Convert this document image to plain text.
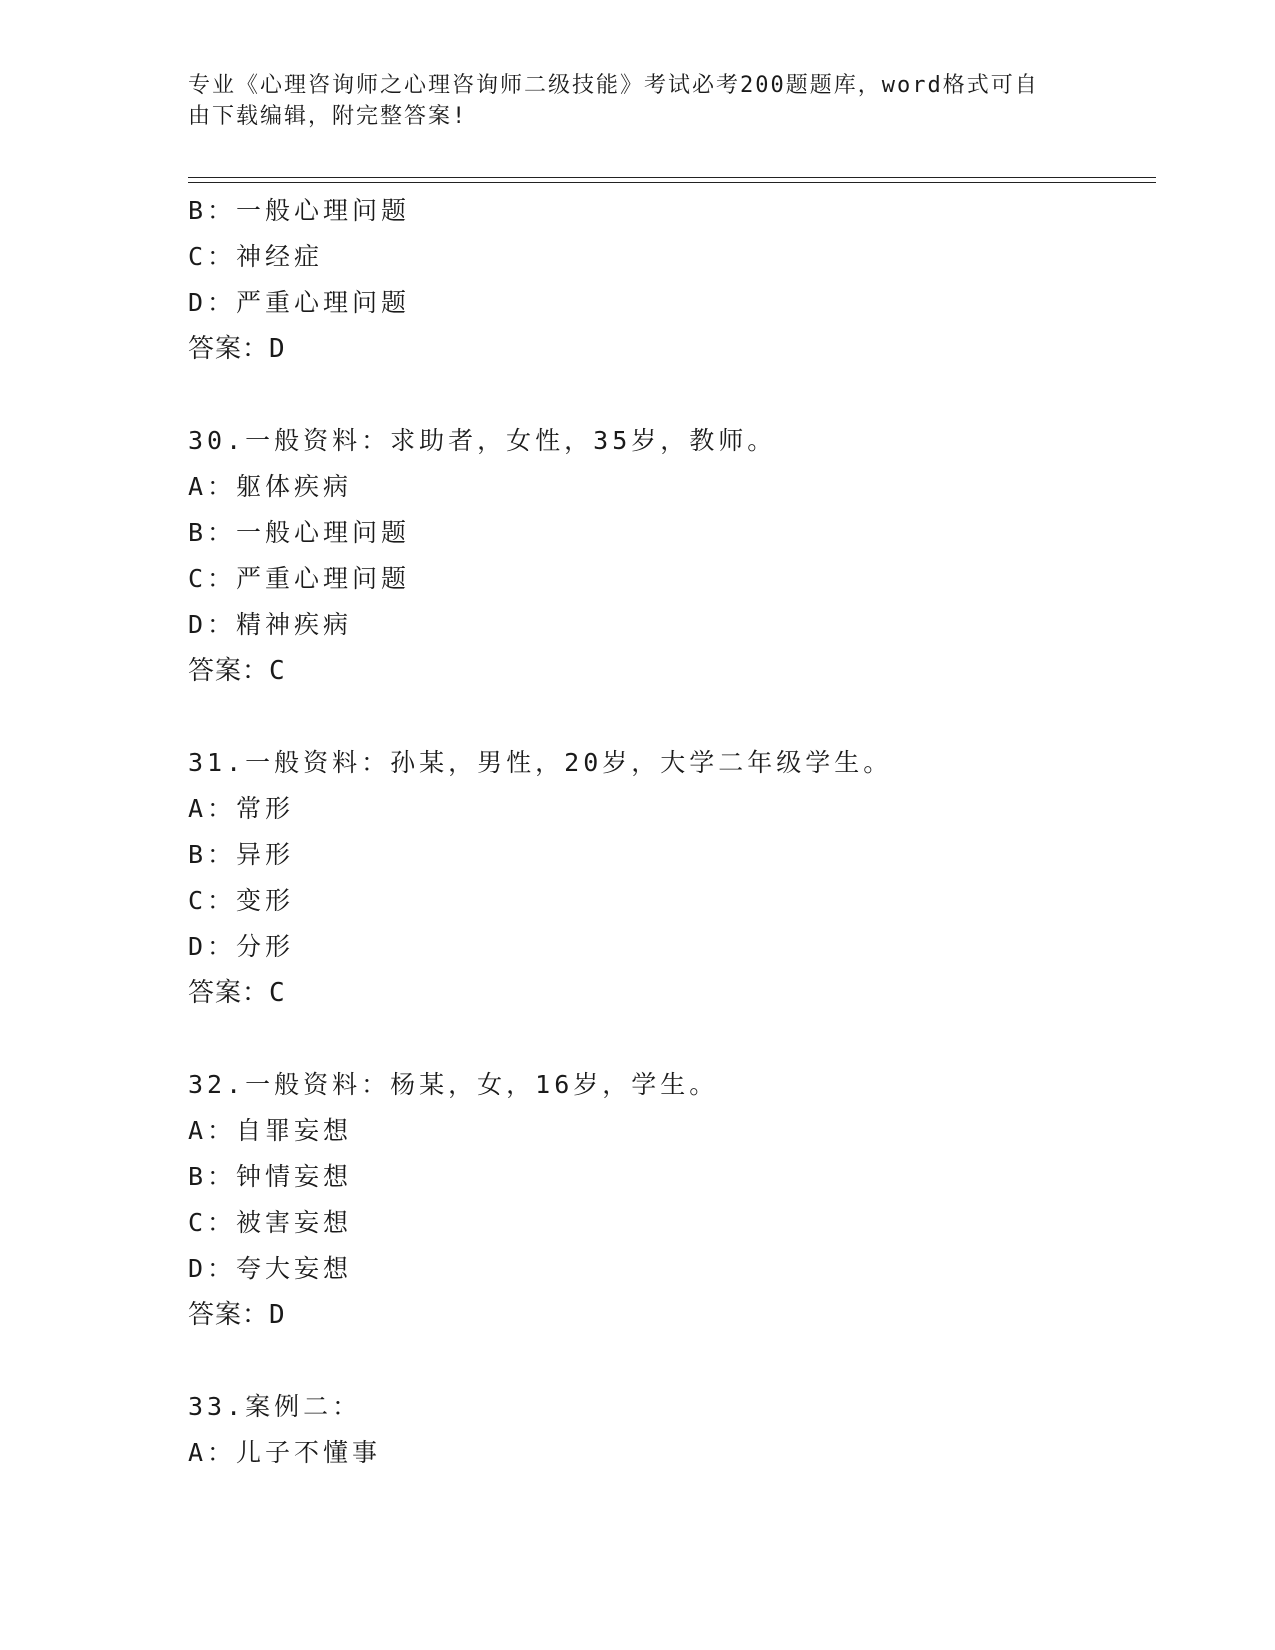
专业《心理咨询师之心理咨询师二级技能》考试必考200题题库，word格式可自
由下载编辑，附完整答案!
B：一般心理问题
C：神经症
D：严重心理问题
答案：D
30.一般资料：求助者，女性，35岁，教师。
A：躯体疾病
B：一般心理问题
C：严重心理问题
D：精神疾病
答案：C
31.一般资料：孙某，男性，20岁，大学二年级学生。
A：常形
B：异形
C：变形
D：分形
答案：C
32.一般资料：杨某，女，16岁，学生。
A：自罪妄想
B：钟情妄想
C：被害妄想
D：夸大妄想
答案：D
33.案例二：
A：儿子不懂事
